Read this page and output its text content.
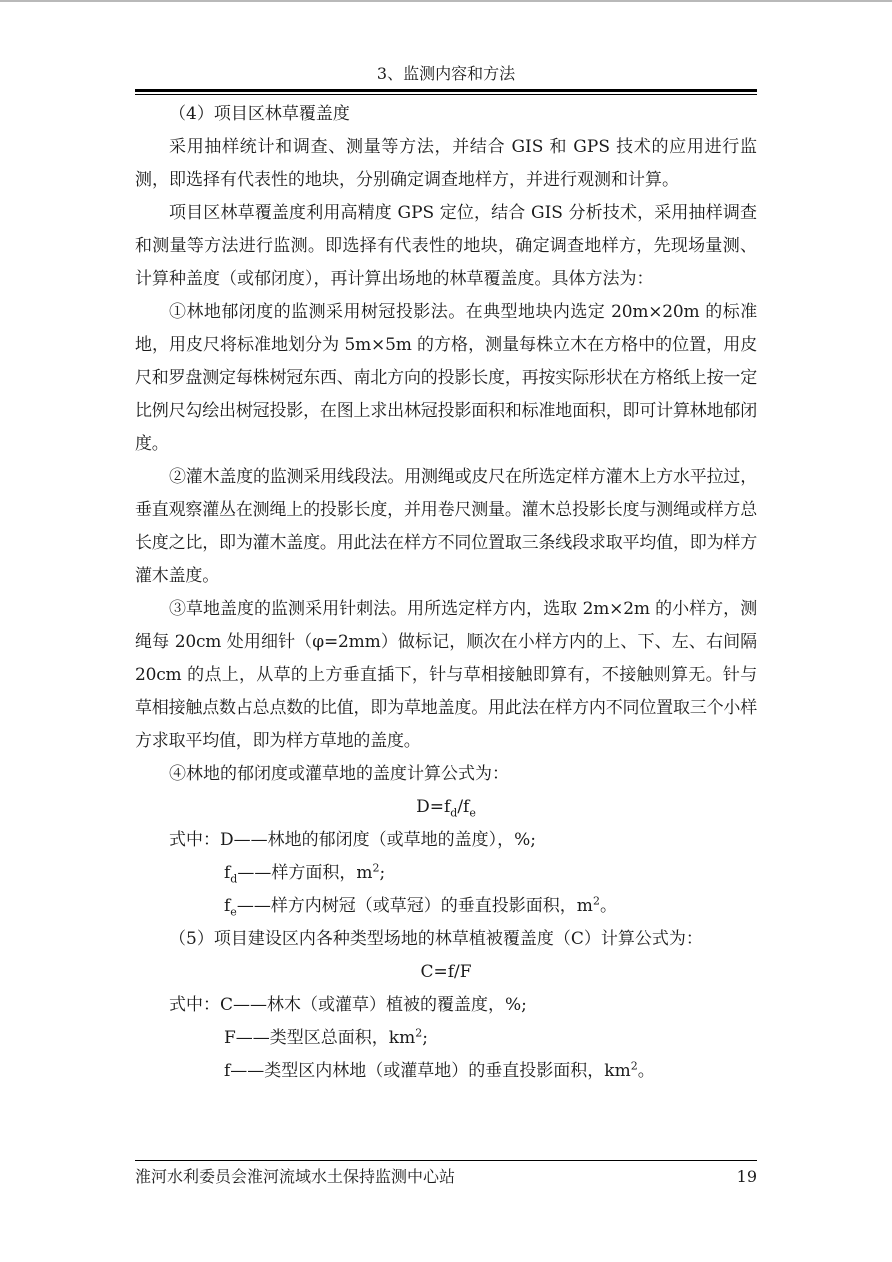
3、监测内容和方法

（4）项目区林草覆盖度

采用抽样统计和调查、测量等方法，并结合 GIS 和 GPS 技术的应用进行监测，即选择有代表性的地块，分别确定调查地样方，并进行观测和计算。

项目区林草覆盖度利用高精度 GPS 定位，结合 GIS 分析技术，采用抽样调查和测量等方法进行监测。即选择有代表性的地块，确定调查地样方，先现场量测、计算种盖度（或郁闭度），再计算出场地的林草覆盖度。具体方法为：

①林地郁闭度的监测采用树冠投影法。在典型地块内选定 20m×20m 的标准地，用皮尺将标准地划分为 5m×5m 的方格，测量每株立木在方格中的位置，用皮尺和罗盘测定每株树冠东西、南北方向的投影长度，再按实际形状在方格纸上按一定比例尺勾绘出树冠投影，在图上求出林冠投影面积和标准地面积，即可计算林地郁闭度。

②灌木盖度的监测采用线段法。用测绳或皮尺在所选定样方灌木上方水平拉过，垂直观察灌丛在测绳上的投影长度，并用卷尺测量。灌木总投影长度与测绳或样方总长度之比，即为灌木盖度。用此法在样方不同位置取三条线段求取平均值，即为样方灌木盖度。

③草地盖度的监测采用针刺法。用所选定样方内，选取 2m×2m 的小样方，测绳每 20cm 处用细针（φ=2mm）做标记，顺次在小样方内的上、下、左、右间隔 20cm 的点上，从草的上方垂直插下，针与草相接触即算有，不接触则算无。针与草相接触点数占总点数的比值，即为草地盖度。用此法在样方内不同位置取三个小样方求取平均值，即为样方草地的盖度。

④林地的郁闭度或灌草地的盖度计算公式为：

$D=f_d/f_e$

式中：D——林地的郁闭度（或草地的盖度），%;

$f_d——$样方面积，$m^2$;

$f_e——$样方内树冠（或草冠）的垂直投影面积，$m^2$。

（5）项目建设区内各种类型场地的林草植被覆盖度（C）计算公式为：

C=f/F

式中：C——林木（或灌草）植被的覆盖度，%;

F——类型区总面积，$km^2$;

f——类型区内林地（或灌草地）的垂直投影面积，$km^2$。

淮河水利委员会淮河流域水土保持监测中心站	19
